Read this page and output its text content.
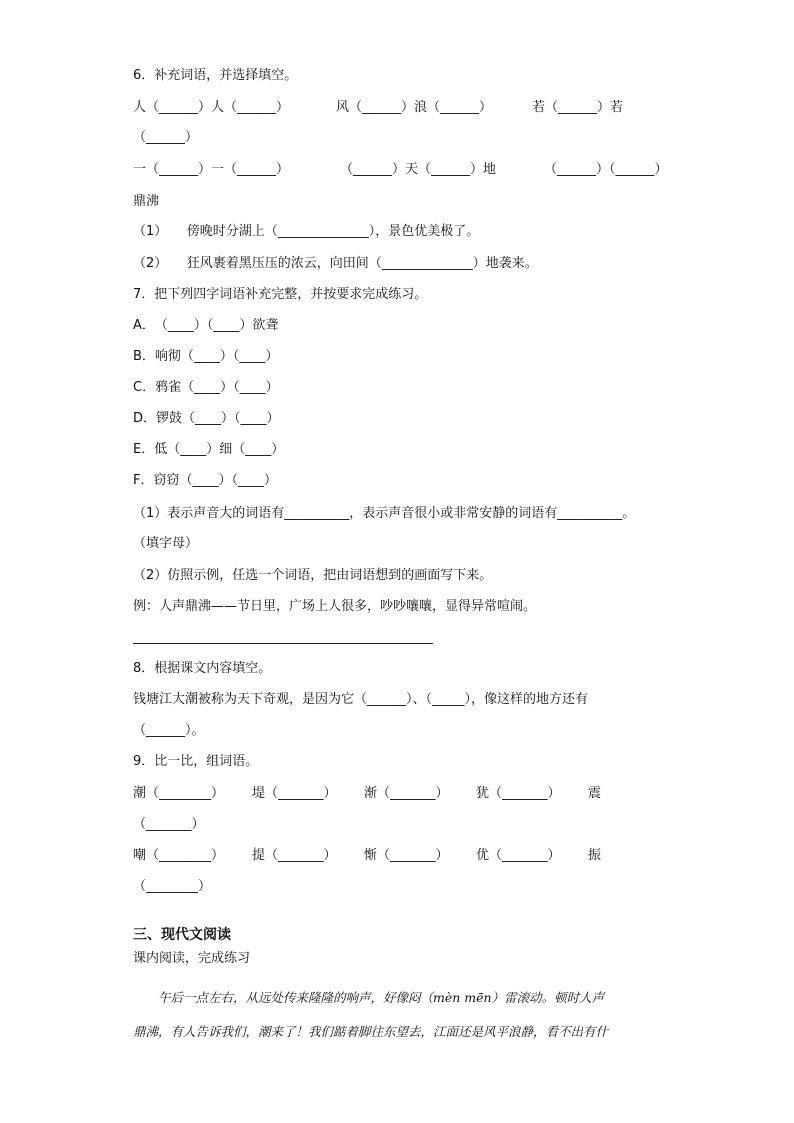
6．补充词语，并选择填空。
人（______）人（______）	风（______）浪（______）	若（______）若
（______）
一（______）一（______）	（______）天（______）地	（______）（______）
鼎沸
（1）　　傍晚时分湖上（______________），景色优美极了。
（2）　　狂风裹着黑压压的浓云，向田间（______________）地袭来。
7．把下列四字词语补充完整，并按要求完成练习。
A．　（____）（____）欲聋
B．响彻（____）（____）
C．鸦雀（____）（____）
D．锣鼓（____）（____）
E．低（____）细（____）
F．窃窃（____）（____）
（1）表示声音大的词语有__________，表示声音很小或非常安静的词语有__________。
（填字母）
（2）仿照示例，任选一个词语，把由词语想到的画面写下来。
例：人声鼎沸——节日里，广场上人很多，吵吵嚷嚷，显得异常喧闹。
8．根据课文内容填空。
钱塘江大潮被称为天下奇观，是因为它（______）、（_____），像这样的地方还有
（______）。
9．比一比，组词语。
潮（________） 堤（_______） 渐（_______） 犹（_______） 震
（_______）
嘲（________） 提（_______） 惭（_______） 优（_______） 振
（________）
三、现代文阅读
课内阅读，完成练习
　　午后一点左右，从远处传来隆隆的响声，好像闷（mèn mēn）雷滚动。顿时人声
鼎沸，有人告诉我们，潮来了！我们踮着脚往东望去，江面还是风平浪静，看不出有什
